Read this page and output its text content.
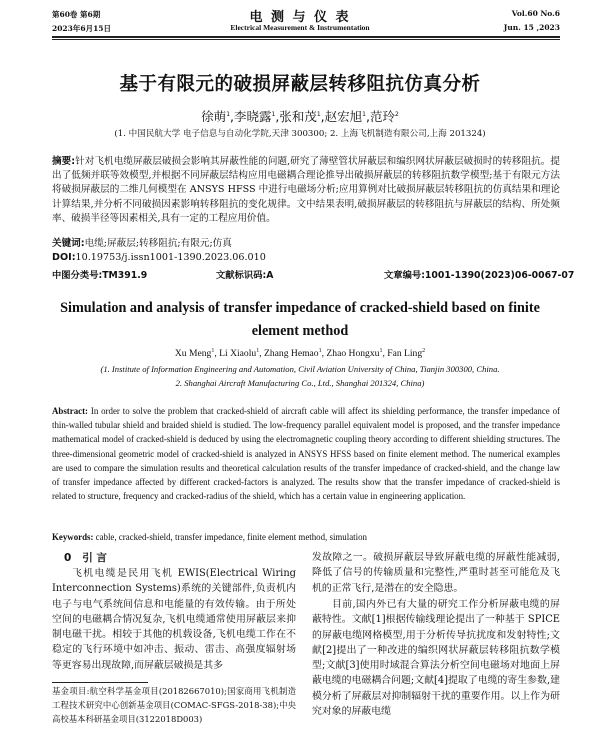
第60卷 第6期	电 测 与 仪 表	Vol.60 No.6
2023年6月15日	Electrical Measurement & Instrumentation	Jun. 15 ,2023
基于有限元的破损屏蔽层转移阻抗仿真分析
徐萌$^1$,李晓露$^1$,张和茂$^1$,赵宏旭$^1$,范玲$^2$
(1. 中国民航大学 电子信息与自动化学院,天津 300300; 2. 上海飞机制造有限公司,上海 201324)
摘要:针对飞机电缆屏蔽层破损会影响其屏蔽性能的问题,研究了薄壁管状屏蔽层和编织网状屏蔽层破损时的转移阻抗。提出了低频并联等效模型,并根据不同屏蔽层结构应用电磁耦合理论推导出破损屏蔽层的转移阻抗数学模型;基于有限元方法将破损屏蔽层的二维几何模型在 ANSYS HFSS 中进行电磁场分析;应用算例对比破损屏蔽层转移阻抗的仿真结果和理论计算结果,并分析不同破损因素影响转移阻抗的变化规律。文中结果表明,破损屏蔽层的转移阻抗与屏蔽层的结构、所处频率、破损半径等因素相关,具有一定的工程应用价值。
关键词:电缆;屏蔽层;转移阻抗;有限元;仿真
DOI:10.19753/j.issn1001-1390.2023.06.010
中图分类号:TM391.9	文献标识码:A	文章编号:1001-1390(2023)06-0067-07
Simulation and analysis of transfer impedance of cracked-shield based on finite element method
Xu Meng$^1$, Li Xiaolu$^1$, Zhang Hemao$^1$, Zhao Hongxu$^1$, Fan Ling$^2$
(1. Institute of Information Engineering and Automation, Civil Aviation University of China, Tianjin 300300, China.
2. Shanghai Aircraft Manufacturing Co., Ltd., Shanghai 201324, China)
Abstract: In order to solve the problem that cracked-shield of aircraft cable will affect its shielding performance, the transfer impedance of thin-walled tubular shield and braided shield is studied. The low-frequency parallel equivalent model is proposed, and the transfer impedance mathematical model of cracked-shield is deduced by using the electromagnetic coupling theory according to different shielding structures. The three-dimensional geometric model of cracked-shield is analyzed in ANSYS HFSS based on finite element method. The numerical examples are used to compare the simulation results and theoretical calculation results of the transfer impedance of cracked-shield, and the change law of transfer impedance affected by different cracked-factors is analyzed. The results show that the transfer impedance of cracked-shield is related to structure, frequency and cracked-radius of the shield, which has a certain value in engineering application.
Keywords: cable, cracked-shield, transfer impedance, finite element method, simulation
0 引 言
飞机电缆是民用飞机 EWIS(Electrical Wiring Interconnection Systems)系统的关键部件,负责机内电子与电气系统间信息和电能量的有效传输。由于所处空间的电磁耦合情况复杂,飞机电缆通常使用屏蔽层来抑制电磁干扰。相较于其他的机载设备,飞机电缆工作在不稳定的飞行环境中如冲击、振动、雷击、高强度辐射场等更容易出现故障,而屏蔽层破损是其多
基金项目:航空科学基金项目(20182667010);国家商用飞机制造工程技术研究中心创新基金项目(COMAC-SFGS-2018-38);中央高校基本科研基金项目(3122018D003)
发故障之一。破损屏蔽层导致屏蔽电缆的屏蔽性能减弱,降低了信号的传输质量和完整性,严重时甚至可能危及飞机的正常飞行,是潜在的安全隐患。
目前,国内外已有大量的研究工作分析屏蔽电缆的屏蔽特性。文献[1]根据传输线理论提出了一种基于 SPICE 的屏蔽电缆网格模型,用于分析传导抗扰度和发射特性;文献[2]提出了一种改进的编织网状屏蔽层转移阻抗数学模型;文献[3]使用时域混合算法分析空间电磁场对地面上屏蔽电缆的电磁耦合问题;文献[4]提取了电缆的寄生参数,建模分析了屏蔽层对抑制辐射干扰的重要作用。以上作为研究对象的屏蔽电缆
